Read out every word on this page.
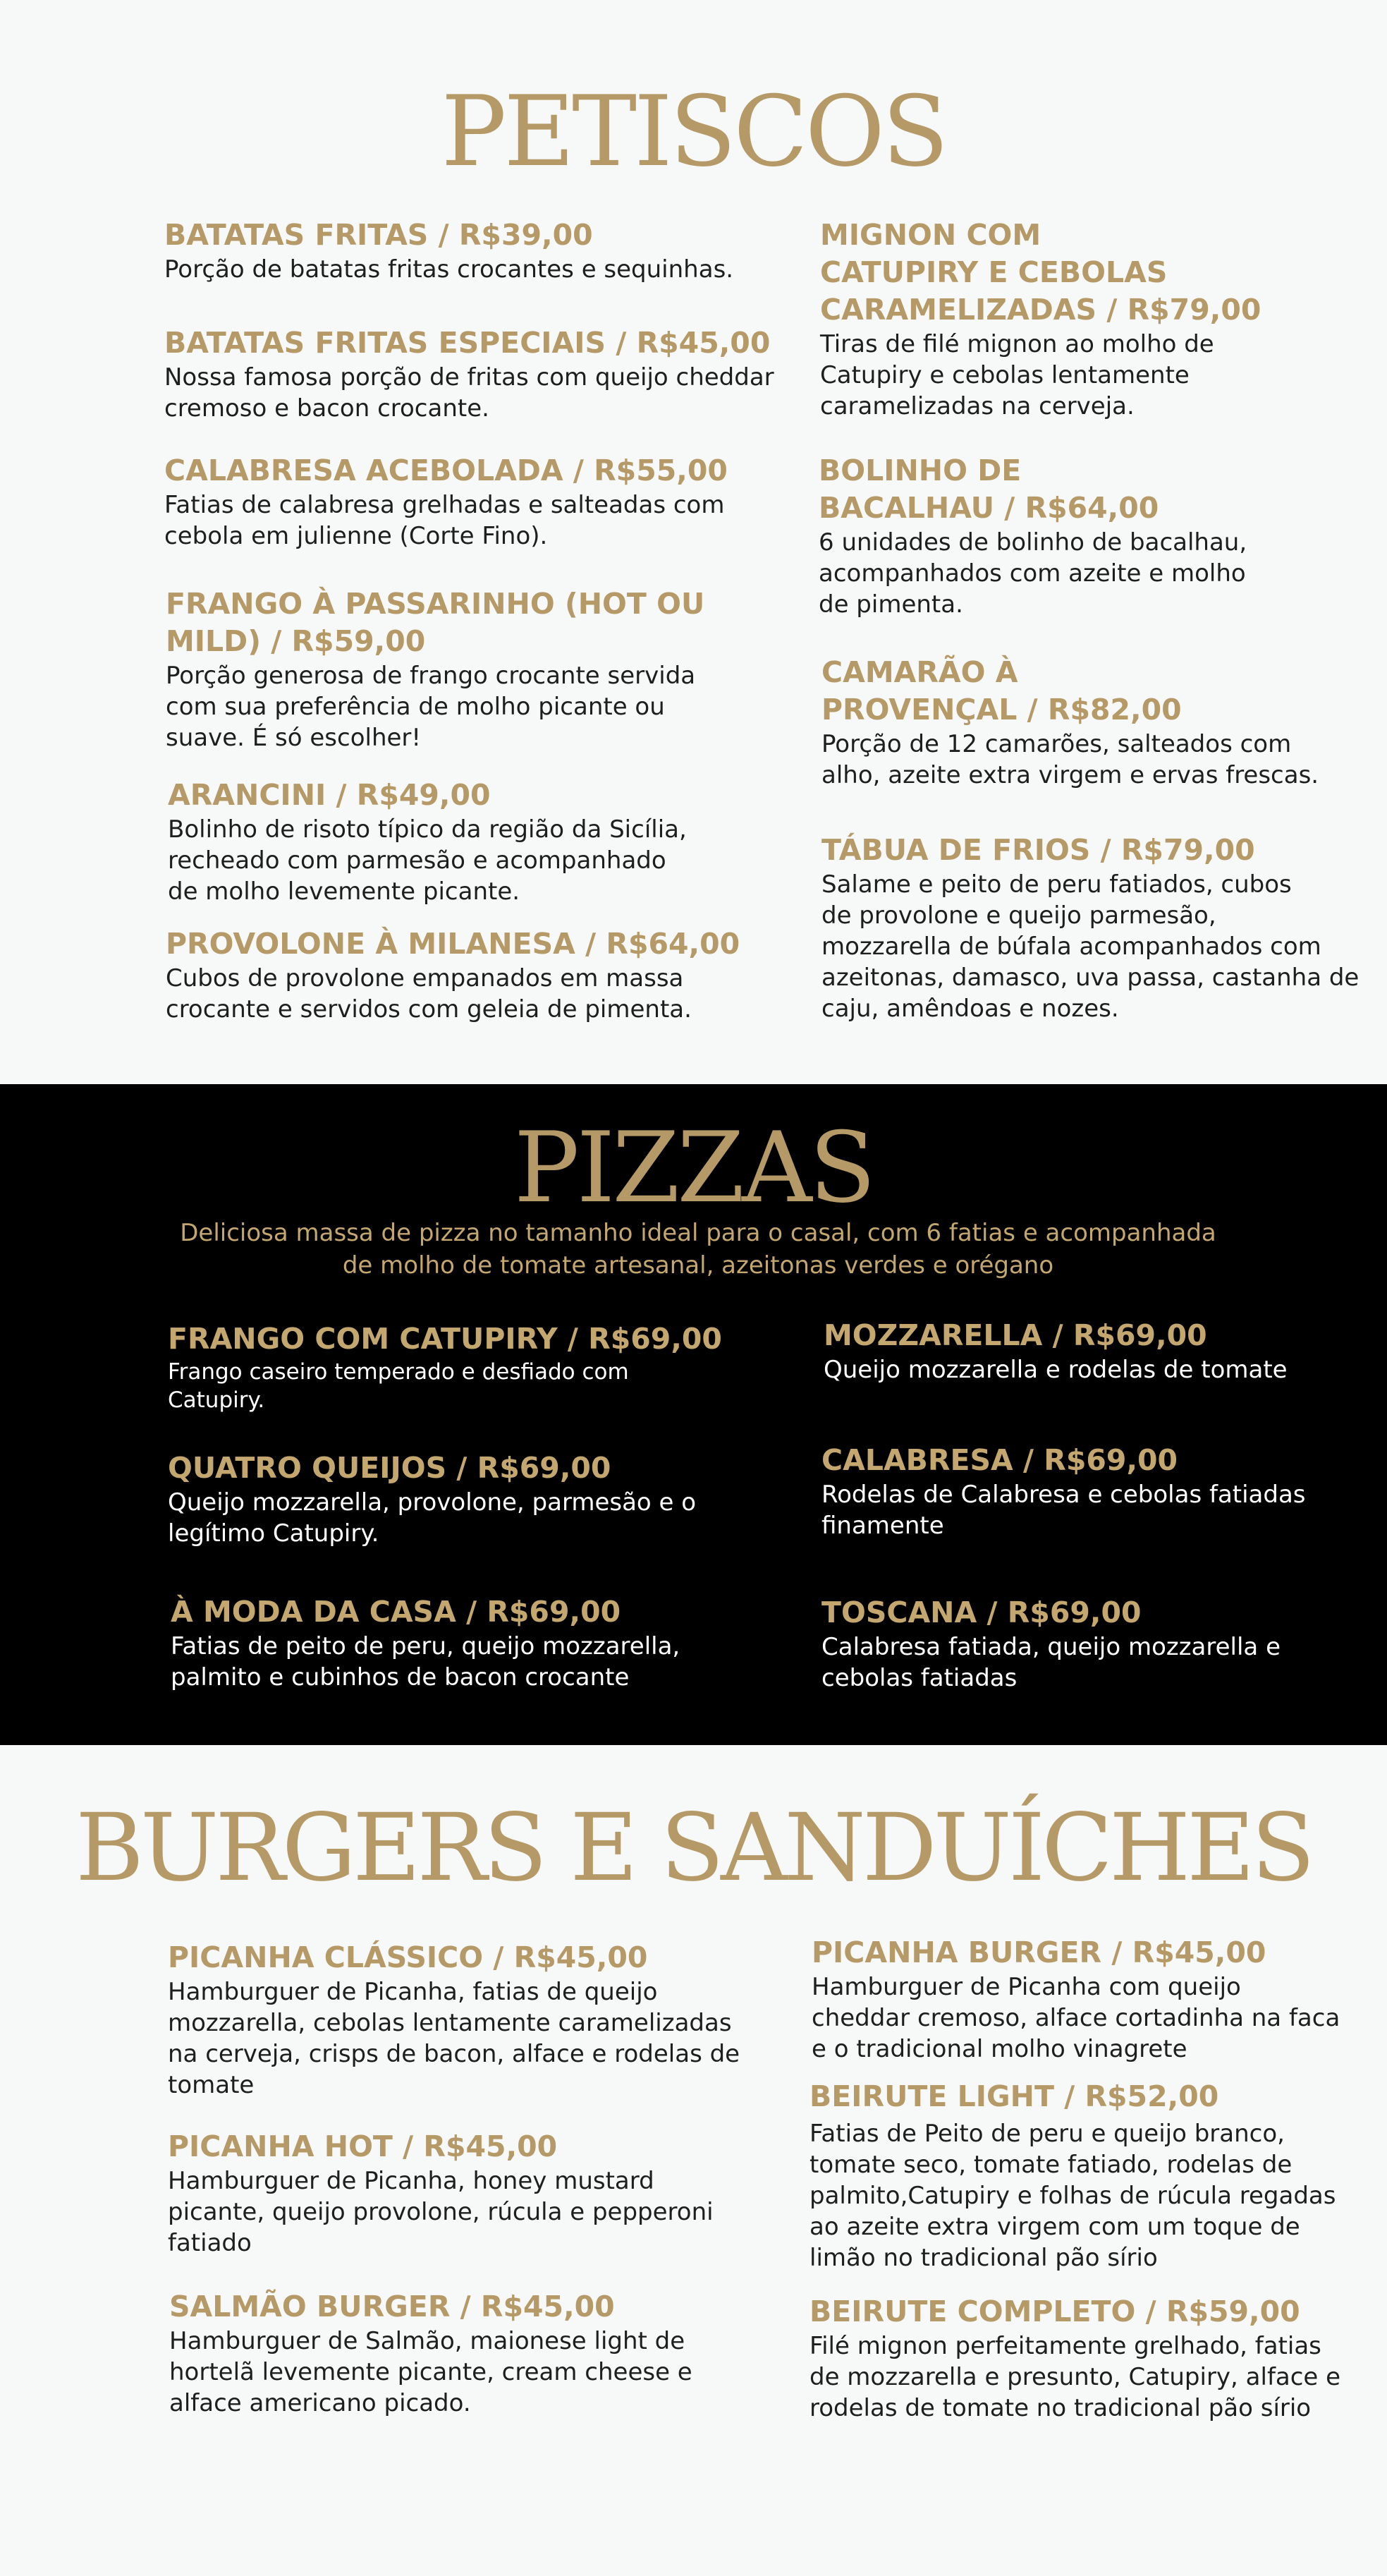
PETISCOS

BATATAS FRITAS / R$39,00

Porção de batatas fritas crocantes e sequinhas.

BATATAS FRITAS ESPECIAIS / R$45,00

Nossa famosa porção de fritas com queijo cheddar
cremoso e bacon crocante.

CALABRESA ACEBOLADA / R$55,00

Fatias de calabresa grelhadas e salteadas com
cebola em julienne (Corte Fino).

FRANGO À PASSARINHO (HOT OU
MILD) / R$59,00

Porção generosa de frango crocante servida
com sua preferência de molho picante ou
suave. É só escolher!

ARANCINI / R$49,00

Bolinho de risoto típico da região da Sicília,
recheado com parmesão e acompanhado
de molho levemente picante.

PROVOLONE À MILANESA / R$64,00

Cubos de provolone empanados em massa
crocante e servidos com geleia de pimenta.

MIGNON COM
CATUPIRY E CEBOLAS
CARAMELIZADAS / R$79,00

Tiras de filé mignon ao molho de
Catupiry e cebolas lentamente
caramelizadas na cerveja.

BOLINHO DE
BACALHAU / R$64,00

6 unidades de bolinho de bacalhau,
acompanhados com azeite e molho
de pimenta.

CAMARÃO À
PROVENÇAL / R$82,00

Porção de 12 camarões, salteados com
alho, azeite extra virgem e ervas frescas.

TÁBUA DE FRIOS / R$79,00

Salame e peito de peru fatiados, cubos
de provolone e queijo parmesão,
mozzarella de búfala acompanhados com
azeitonas, damasco, uva passa, castanha de
caju, amêndoas e nozes.

PIZZAS

Deliciosa massa de pizza no tamanho ideal para o casal, com 6 fatias e acompanhada
de molho de tomate artesanal, azeitonas verdes e orégano

FRANGO COM CATUPIRY / R$69,00

Frango caseiro temperado e desfiado com
Catupiry.

QUATRO QUEIJOS / R$69,00

Queijo mozzarella, provolone, parmesão e o
legítimo Catupiry.

À MODA DA CASA / R$69,00

Fatias de peito de peru, queijo mozzarella,
palmito e cubinhos de bacon crocante

MOZZARELLA / R$69,00

Queijo mozzarella e rodelas de tomate

CALABRESA / R$69,00

Rodelas de Calabresa e cebolas fatiadas
finamente

TOSCANA / R$69,00

Calabresa fatiada, queijo mozzarella e
cebolas fatiadas

BURGERS E SANDUÍCHES

PICANHA CLÁSSICO / R$45,00

Hamburguer de Picanha, fatias de queijo
mozzarella, cebolas lentamente caramelizadas
na cerveja, crisps de bacon, alface e rodelas de
tomate

PICANHA HOT / R$45,00

Hamburguer de Picanha, honey mustard
picante, queijo provolone, rúcula e pepperoni
fatiado

SALMÃO BURGER / R$45,00

Hamburguer de Salmão, maionese light de
hortelã levemente picante, cream cheese e
alface americano picado.

PICANHA BURGER / R$45,00

Hamburguer de Picanha com queijo
cheddar cremoso, alface cortadinha na faca
e o tradicional molho vinagrete

BEIRUTE LIGHT / R$52,00

Fatias de Peito de peru e queijo branco,
tomate seco, tomate fatiado, rodelas de
palmito,Catupiry e folhas de rúcula regadas
ao azeite extra virgem com um toque de
limão no tradicional pão sírio

BEIRUTE COMPLETO / R$59,00

Filé mignon perfeitamente grelhado, fatias
de mozzarella e presunto, Catupiry, alface e
rodelas de tomate no tradicional pão sírio
